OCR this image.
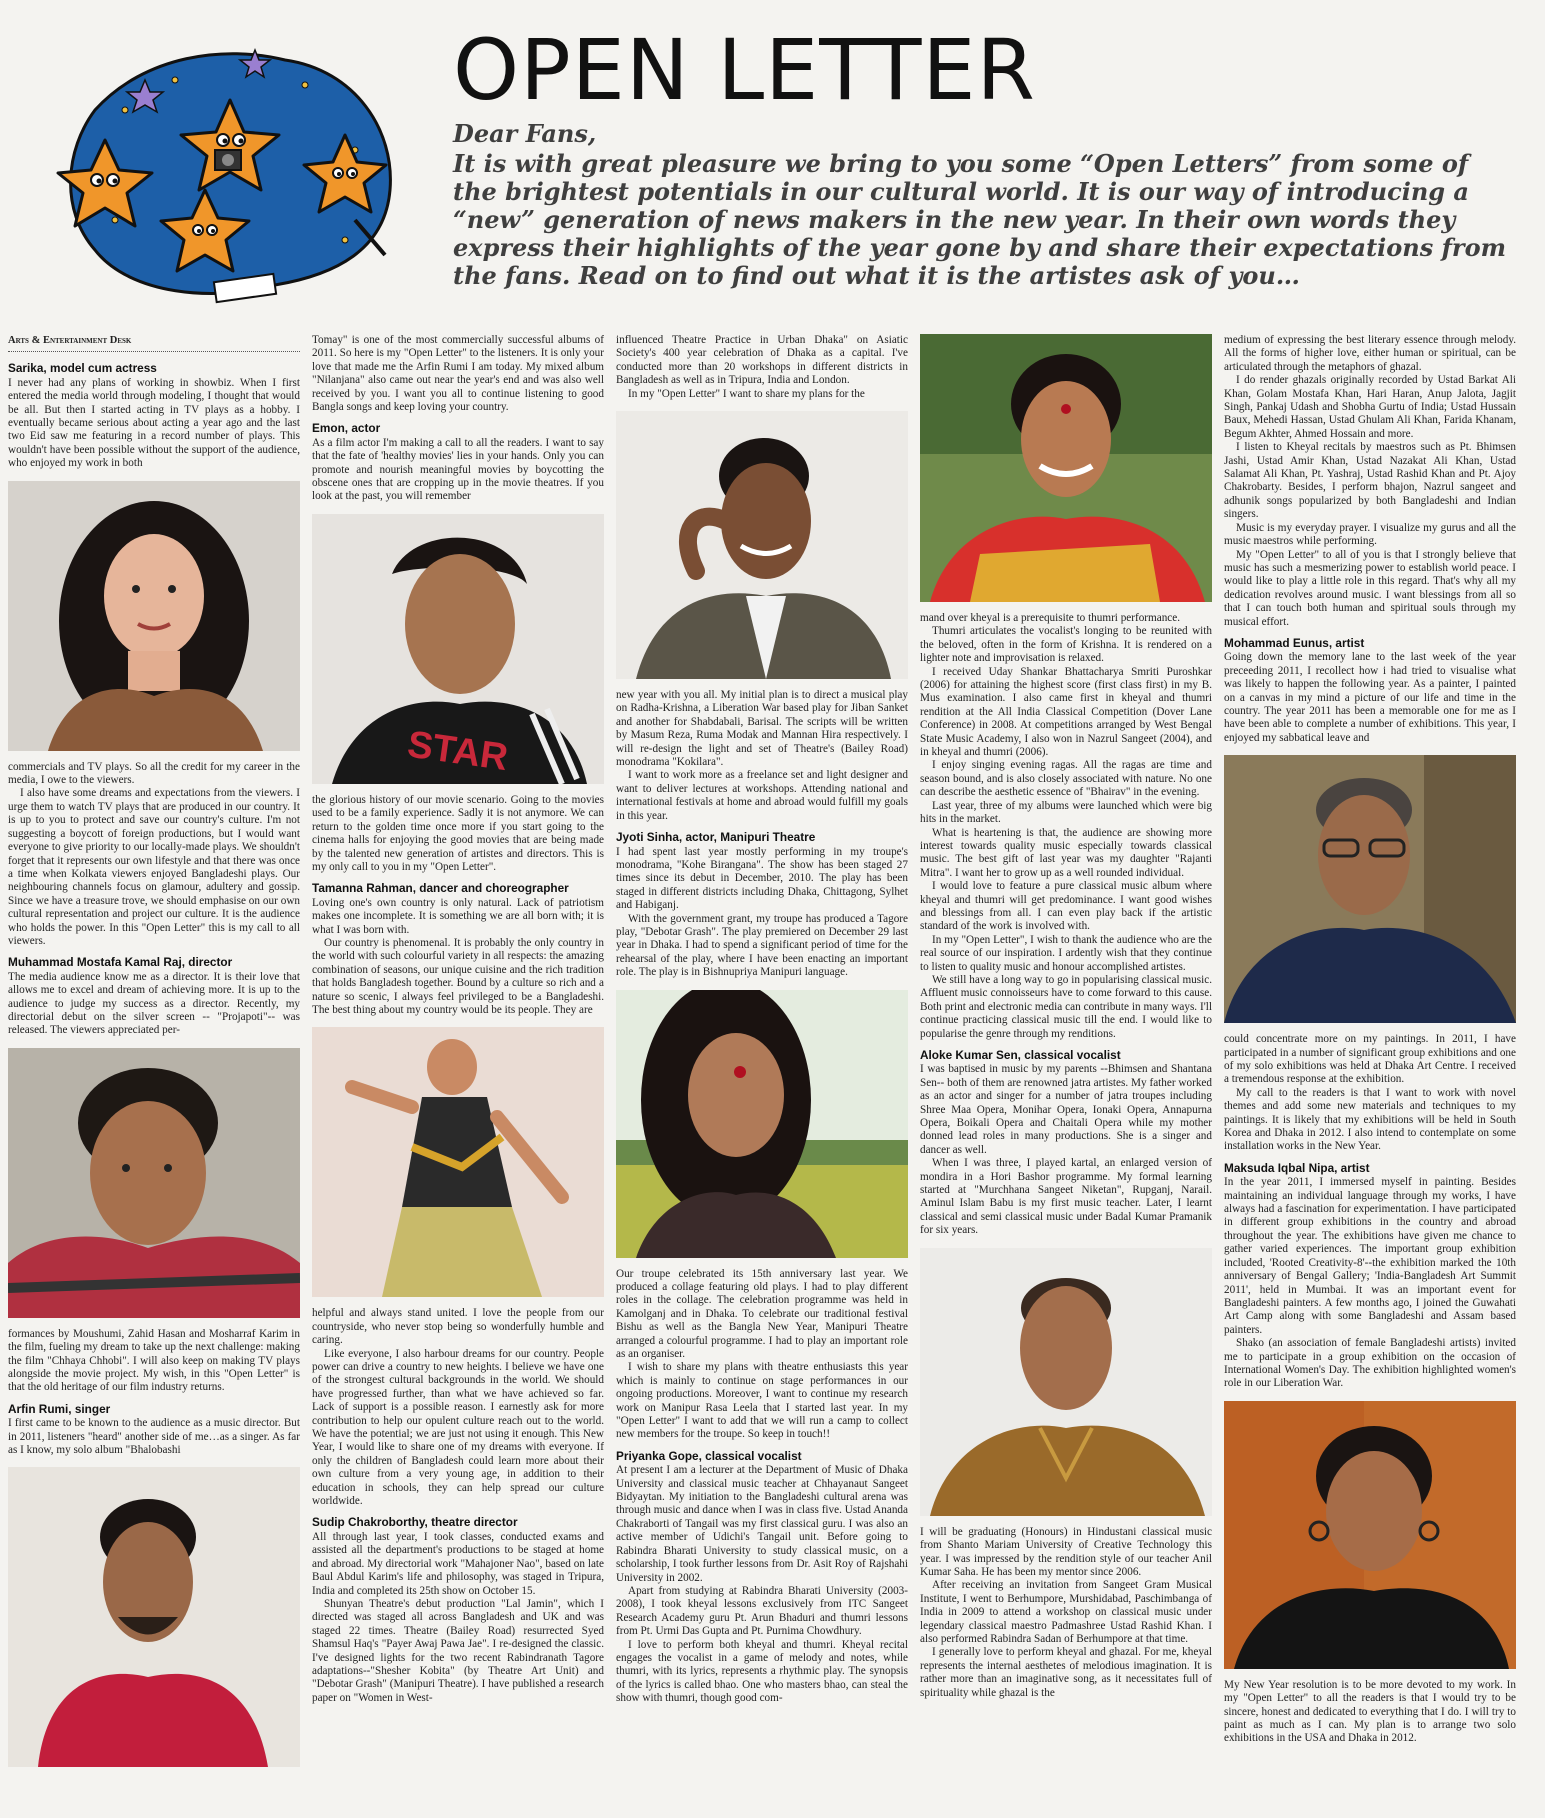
OPEN LETTER
Dear Fans,
It is with great pleasure we bring to you some “Open Letters” from some of the brightest potentials in our cultural world. It is our way of introducing a “new” generation of news makers in the new year. In their own words they express their highlights of the year gone by and share their expectations from the fans. Read on to find out what it is the artistes ask of you…
Arts & Entertainment Desk
Sarika, model cum actress

I never had any plans of working in showbiz. When I first entered the media world through modeling, I thought that would be all. But then I started acting in TV plays as a hobby. I eventually became serious about acting a year ago and the last two Eid saw me featuring in a record number of plays. This wouldn't have been possible without the support of the audience, who enjoyed my work in both

commercials and TV plays. So all the credit for my career in the media, I owe to the viewers.

I also have some dreams and expectations from the viewers. I urge them to watch TV plays that are produced in our country. It is up to you to protect and save our country's culture. I'm not suggesting a boycott of foreign productions, but I would want everyone to give priority to our locally-made plays. We shouldn't forget that it represents our own lifestyle and that there was once a time when Kolkata viewers enjoyed Bangladeshi plays. Our neighbouring channels focus on glamour, adultery and gossip. Since we have a treasure trove, we should emphasise on our own cultural representation and project our culture. It is the audience who holds the power. In this "Open Letter" this is my call to all viewers.

Muhammad Mostafa Kamal Raj, director

The media audience know me as a director. It is their love that allows me to excel and dream of achieving more. It is up to the audience to judge my success as a director. Recently, my directorial debut on the silver screen -- "Projapoti"-- was released. The viewers appreciated per-

formances by Moushumi, Zahid Hasan and Mosharraf Karim in the film, fueling my dream to take up the next challenge: making the film "Chhaya Chhobi". I will also keep on making TV plays alongside the movie project. My wish, in this "Open Letter" is that the old heritage of our film industry returns.

Arfin Rumi, singer

I first came to be known to the audience as a music director. But in 2011, listeners "heard" another side of me…as a singer. As far as I know, my solo album "Bhalobashi

Tomay" is one of the most commercially successful albums of 2011. So here is my "Open Letter" to the listeners. It is only your love that made me the Arfin Rumi I am today. My mixed album "Nilanjana" also came out near the year's end and was also well received by you. I want you all to continue listening to good Bangla songs and keep loving your country.

Emon, actor

As a film actor I'm making a call to all the readers. I want to say that the fate of 'healthy movies' lies in your hands. Only you can promote and nourish meaningful movies by boycotting the obscene ones that are cropping up in the movie theatres. If you look at the past, you will remember

STAR

the glorious history of our movie scenario. Going to the movies used to be a family experience. Sadly it is not anymore. We can return to the golden time once more if you start going to the cinema halls for enjoying the good movies that are being made by the talented new generation of artistes and directors. This is my only call to you in my "Open Letter".

Tamanna Rahman, dancer and choreographer

Loving one's own country is only natural. Lack of patriotism makes one incomplete. It is something we are all born with; it is what I was born with.

Our country is phenomenal. It is probably the only country in the world with such colourful variety in all respects: the amazing combination of seasons, our unique cuisine and the rich tradition that holds Bangladesh together. Bound by a culture so rich and a nature so scenic, I always feel privileged to be a Bangladeshi. The best thing about my country would be its people. They are

helpful and always stand united. I love the people from our countryside, who never stop being so wonderfully humble and caring.

Like everyone, I also harbour dreams for our country. People power can drive a country to new heights. I believe we have one of the strongest cultural backgrounds in the world. We should have progressed further, than what we have achieved so far. Lack of support is a possible reason. I earnestly ask for more contribution to help our opulent culture reach out to the world. We have the potential; we are just not using it enough. This New Year, I would like to share one of my dreams with everyone. If only the children of Bangladesh could learn more about their own culture from a very young age, in addition to their education in schools, they can help spread our culture worldwide.

Sudip Chakroborthy, theatre director

All through last year, I took classes, conducted exams and assisted all the department's productions to be staged at home and abroad. My directorial work "Mahajoner Nao", based on late Baul Abdul Karim's life and philosophy, was staged in Tripura, India and completed its 25th show on October 15.

Shunyan Theatre's debut production "Lal Jamin", which I directed was staged all across Bangladesh and UK and was staged 22 times. Theatre (Bailey Road) resurrected Syed Shamsul Haq's "Payer Awaj Pawa Jae". I re-designed the classic. I've designed lights for the two recent Rabindranath Tagore adaptations--"Shesher Kobita" (by Theatre Art Unit) and "Debotar Grash" (Manipuri Theatre). I have published a research paper on "Women in West-

influenced Theatre Practice in Urban Dhaka" on Asiatic Society's 400 year celebration of Dhaka as a capital. I've conducted more than 20 workshops in different districts in Bangladesh as well as in Tripura, India and London.

In my "Open Letter" I want to share my plans for the

new year with you all. My initial plan is to direct a musical play on Radha-Krishna, a Liberation War based play for Jiban Sanket and another for Shabdabali, Barisal. The scripts will be written by Masum Reza, Ruma Modak and Mannan Hira respectively. I will re-design the light and set of Theatre's (Bailey Road) monodrama "Kokilara".

I want to work more as a freelance set and light designer and want to deliver lectures at workshops. Attending national and international festivals at home and abroad would fulfill my goals in this year.

Jyoti Sinha, actor, Manipuri Theatre

I had spent last year mostly performing in my troupe's monodrama, "Kohe Birangana". The show has been staged 27 times since its debut in December, 2010. The play has been staged in different districts including Dhaka, Chittagong, Sylhet and Habiganj.

With the government grant, my troupe has produced a Tagore play, "Debotar Grash". The play premiered on December 29 last year in Dhaka. I had to spend a significant period of time for the rehearsal of the play, where I have been enacting an important role. The play is in Bishnupriya Manipuri language.

Our troupe celebrated its 15th anniversary last year. We produced a collage featuring old plays. I had to play different roles in the collage. The celebration programme was held in Kamolganj and in Dhaka. To celebrate our traditional festival Bishu as well as the Bangla New Year, Manipuri Theatre arranged a colourful programme. I had to play an important role as an organiser.

I wish to share my plans with theatre enthusiasts this year which is mainly to continue on stage performances in our ongoing productions. Moreover, I want to continue my research work on Manipur Rasa Leela that I started last year. In my "Open Letter" I want to add that we will run a camp to collect new members for the troupe. So keep in touch!!

Priyanka Gope, classical vocalist

At present I am a lecturer at the Department of Music of Dhaka University and classical music teacher at Chhayanaut Sangeet Bidyaytan. My initiation to the Bangladeshi cultural arena was through music and dance when I was in class five. Ustad Ananda Chakraborti of Tangail was my first classical guru. I was also an active member of Udichi's Tangail unit. Before going to Rabindra Bharati University to study classical music, on a scholarship, I took further lessons from Dr. Asit Roy of Rajshahi University in 2002.

Apart from studying at Rabindra Bharati University (2003-2008), I took kheyal lessons exclusively from ITC Sangeet Research Academy guru Pt. Arun Bhaduri and thumri lessons from Pt. Urmi Das Gupta and Pt. Purnima Chowdhury.

I love to perform both kheyal and thumri. Kheyal recital engages the vocalist in a game of melody and notes, while thumri, with its lyrics, represents a rhythmic play. The synopsis of the lyrics is called bhao. One who masters bhao, can steal the show with thumri, though good com-

mand over kheyal is a prerequisite to thumri performance.

Thumri articulates the vocalist's longing to be reunited with the beloved, often in the form of Krishna. It is rendered on a lighter note and improvisation is relaxed.

I received Uday Shankar Bhattacharya Smriti Puroshkar (2006) for attaining the highest score (first class first) in my B. Mus examination. I also came first in kheyal and thumri rendition at the All India Classical Competition (Dover Lane Conference) in 2008. At competitions arranged by West Bengal State Music Academy, I also won in Nazrul Sangeet (2004), and in kheyal and thumri (2006).

I enjoy singing evening ragas. All the ragas are time and season bound, and is also closely associated with nature. No one can describe the aesthetic essence of "Bhairav" in the evening.

Last year, three of my albums were launched which were big hits in the market.

What is heartening is that, the audience are showing more interest towards quality music especially towards classical music. The best gift of last year was my daughter "Rajanti Mitra". I want her to grow up as a well rounded individual.

I would love to feature a pure classical music album where kheyal and thumri will get predominance. I want good wishes and blessings from all. I can even play back if the artistic standard of the work is involved with.

In my "Open Letter", I wish to thank the audience who are the real source of our inspiration. I ardently wish that they continue to listen to quality music and honour accomplished artistes.

We still have a long way to go in popularising classical music. Affluent music connoisseurs have to come forward to this cause. Both print and electronic media can contribute in many ways. I'll continue practicing classical music till the end. I would like to popularise the genre through my renditions.

Aloke Kumar Sen, classical vocalist

I was baptised in music by my parents --Bhimsen and Shantana Sen-- both of them are renowned jatra artistes. My father worked as an actor and singer for a number of jatra troupes including Shree Maa Opera, Monihar Opera, Ionaki Opera, Annapurna Opera, Boikali Opera and Chaitali Opera while my mother donned lead roles in many productions. She is a singer and dancer as well.

When I was three, I played kartal, an enlarged version of mondira in a Hori Bashor programme. My formal learning started at "Murchhana Sangeet Niketan", Rupganj, Narail. Aminul Islam Babu is my first music teacher. Later, I learnt classical and semi classical music under Badal Kumar Pramanik for six years.

I will be graduating (Honours) in Hindustani classical music from Shanto Mariam University of Creative Technology this year. I was impressed by the rendition style of our teacher Anil Kumar Saha. He has been my mentor since 2006.

After receiving an invitation from Sangeet Gram Musical Institute, I went to Berhumpore, Murshidabad, Paschimbanga of India in 2009 to attend a workshop on classical music under legendary classical maestro Padmashree Ustad Rashid Khan. I also performed Rabindra Sadan of Berhumpore at that time.

I generally love to perform kheyal and ghazal. For me, kheyal represents the internal aesthetes of melodious imagination. It is rather more than an imaginative song, as it necessitates full of spirituality while ghazal is the

medium of expressing the best literary essence through melody. All the forms of higher love, either human or spiritual, can be articulated through the metaphors of ghazal.

I do render ghazals originally recorded by Ustad Barkat Ali Khan, Golam Mostafa Khan, Hari Haran, Anup Jalota, Jagjit Singh, Pankaj Udash and Shobha Gurtu of India; Ustad Hussain Baux, Mehedi Hassan, Ustad Ghulam Ali Khan, Farida Khanam, Begum Akhter, Ahmed Hossain and more.

I listen to Kheyal recitals by maestros such as Pt. Bhimsen Jashi, Ustad Amir Khan, Ustad Nazakat Ali Khan, Ustad Salamat Ali Khan, Pt. Yashraj, Ustad Rashid Khan and Pt. Ajoy Chakrobarty. Besides, I perform bhajon, Nazrul sangeet and adhunik songs popularized by both Bangladeshi and Indian singers.

Music is my everyday prayer. I visualize my gurus and all the music maestros while performing.

My "Open Letter" to all of you is that I strongly believe that music has such a mesmerizing power to establish world peace. I would like to play a little role in this regard. That's why all my dedication revolves around music. I want blessings from all so that I can touch both human and spiritual souls through my musical effort.

Mohammad Eunus, artist

Going down the memory lane to the last week of the year preceeding 2011, I recollect how i had tried to visualise what was likely to happen the following year. As a painter, I painted on a canvas in my mind a picture of our life and time in the country. The year 2011 has been a memorable one for me as I have been able to complete a number of exhibitions. This year, I enjoyed my sabbatical leave and

could concentrate more on my paintings. In 2011, I have participated in a number of significant group exhibitions and one of my solo exhibitions was held at Dhaka Art Centre. I received a tremendous response at the exhibition.

My call to the readers is that I want to work with novel themes and add some new materials and techniques to my paintings. It is likely that my exhibitions will be held in South Korea and Dhaka in 2012. I also intend to contemplate on some installation works in the New Year.

Maksuda Iqbal Nipa, artist

In the year 2011, I immersed myself in painting. Besides maintaining an individual language through my works, I have always had a fascination for experimentation. I have participated in different group exhibitions in the country and abroad throughout the year. The exhibitions have given me chance to gather varied experiences. The important group exhibition included, 'Rooted Creativity-8'--the exhibition marked the 10th anniversary of Bengal Gallery; 'India-Bangladesh Art Summit 2011', held in Mumbai. It was an important event for Bangladeshi painters. A few months ago, I joined the Guwahati Art Camp along with some Bangladeshi and Assam based painters.

Shako (an association of female Bangladeshi artists) invited me to participate in a group exhibition on the occasion of International Women's Day. The exhibition highlighted women's role in our Liberation War.

My New Year resolution is to be more devoted to my work. In my "Open Letter" to all the readers is that I would try to be sincere, honest and dedicated to everything that I do. I will try to paint as much as I can. My plan is to arrange two solo exhibitions in the USA and Dhaka in 2012.
